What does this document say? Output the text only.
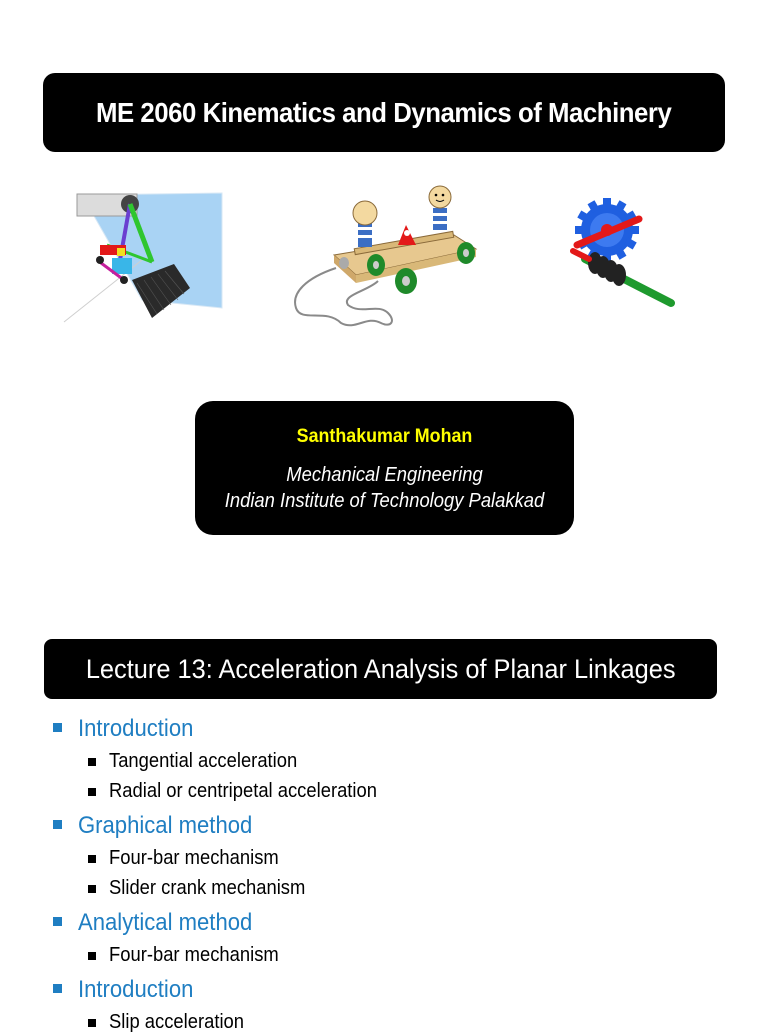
ME 2060 Kinematics and Dynamics of Machinery
Santhakumar Mohan
Mechanical Engineering
Indian Institute of Technology Palakkad
Lecture 13: Acceleration Analysis of Planar Linkages
Introduction
Tangential acceleration
Radial or centripetal acceleration
Graphical method
Four-bar mechanism
Slider crank mechanism
Analytical method
Four-bar mechanism
Introduction
Slip acceleration
